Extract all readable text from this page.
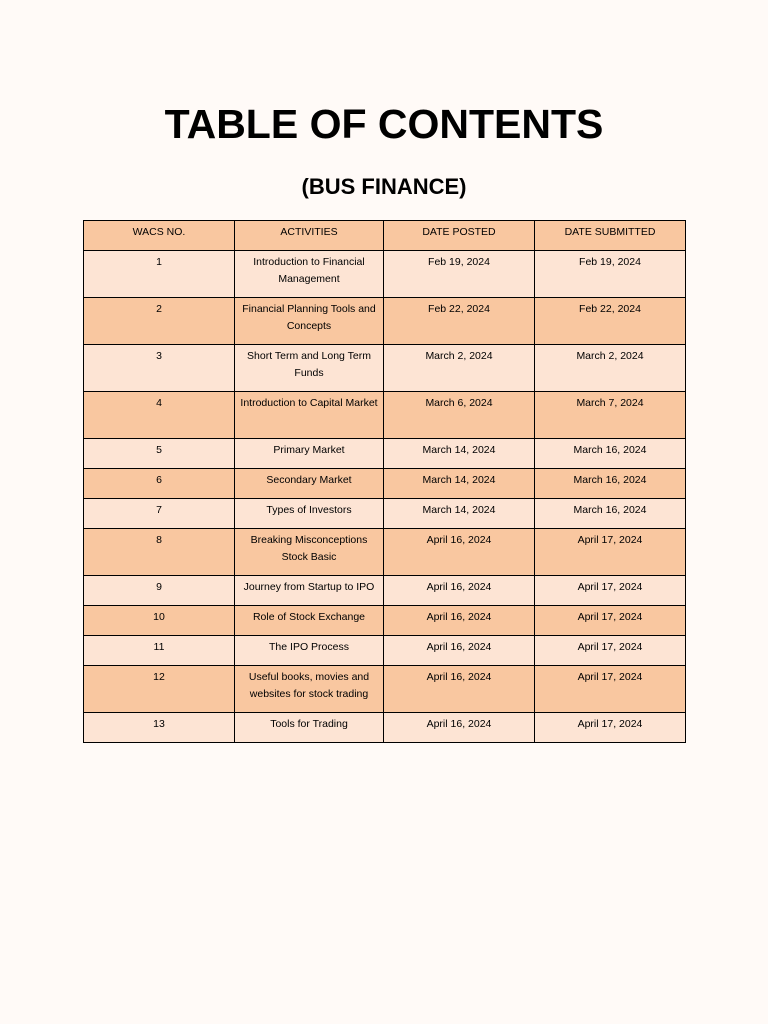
TABLE OF CONTENTS
(BUS FINANCE)
WACS NO.	ACTIVITIES	DATE POSTED	DATE SUBMITTED
1	Introduction to Financial Management	Feb 19, 2024	Feb 19, 2024
2	Financial Planning Tools and Concepts	Feb 22, 2024	Feb 22, 2024
3	Short Term and Long Term Funds	March 2, 2024	March 2, 2024
4	Introduction to Capital Market	March 6, 2024	March 7, 2024
5	Primary Market	March 14, 2024	March 16, 2024
6	Secondary Market	March 14, 2024	March 16, 2024
7	Types of Investors	March 14, 2024	March 16, 2024
8	Breaking Misconceptions Stock Basic	April 16, 2024	April 17, 2024
9	Journey from Startup to IPO	April 16, 2024	April 17, 2024
10	Role of Stock Exchange	April 16, 2024	April 17, 2024
11	The IPO Process	April 16, 2024	April 17, 2024
12	Useful books, movies and websites for stock trading	April 16, 2024	April 17, 2024
13	Tools for Trading	April 16, 2024	April 17, 2024
